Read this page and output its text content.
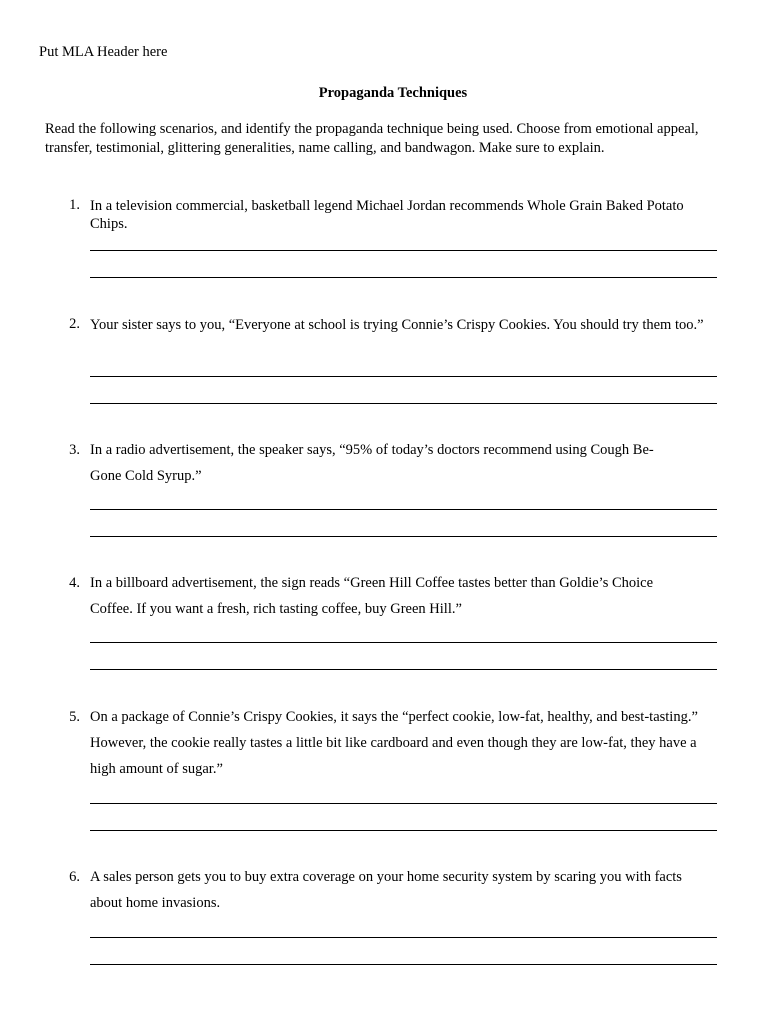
Put MLA Header here
Propaganda Techniques
Read the following scenarios, and identify the propaganda technique being used. Choose from emotional appeal, transfer, testimonial, glittering generalities, name calling, and bandwagon. Make sure to explain.
1. In a television commercial, basketball legend Michael Jordan recommends Whole Grain Baked Potato Chips.
2. Your sister says to you, “Everyone at school is trying Connie’s Crispy Cookies. You should try them too.”
3. In a radio advertisement, the speaker says, “95% of today’s doctors recommend using Cough Be-Gone Cold Syrup.”
4. In a billboard advertisement, the sign reads “Green Hill Coffee tastes better than Goldie’s Choice Coffee. If you want a fresh, rich tasting coffee, buy Green Hill.”
5. On a package of Connie’s Crispy Cookies, it says the “perfect cookie, low-fat, healthy, and best-tasting.” However, the cookie really tastes a little bit like cardboard and even though they are low-fat, they have a high amount of sugar.”
6. A sales person gets you to buy extra coverage on your home security system by scaring you with facts about home invasions.
